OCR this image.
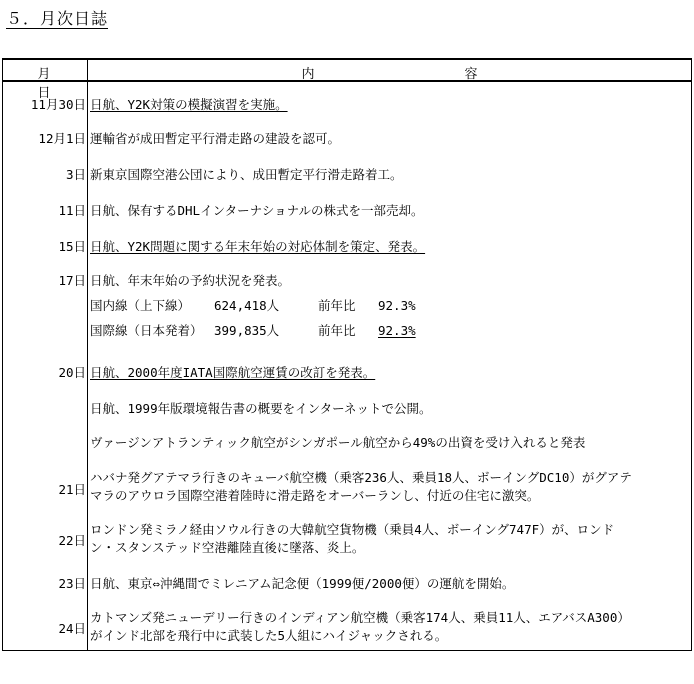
５．月次日誌
月日
内容
11月30日 日航、Y2K対策の模擬演習を実施。
12月1日 運輸省が成田暫定平行滑走路の建設を認可。
3日 新東京国際空港公団により、成田暫定平行滑走路着工。
11日 日航、保有するDHLインターナショナルの株式を一部売却。
15日 日航、Y2K問題に関する年末年始の対応体制を策定、発表。
17日 日航、年末年始の予約状況を発表。
国内線（上下線） 624,418人	前年比 92.3%
国際線（日本発着） 399,835人	前年比 92.3%
20日 日航、2000年度IATA国際航空運賃の改訂を発表。
日航、1999年版環境報告書の概要をインターネットで公開。
ヴァージンアトランティック航空がシンガポール航空から49%の出資を受け入れると発表
21日
ハバナ発グアテマラ行きのキューバ航空機（乗客236人、乗員18人、ボーイングDC10）がグアテ
マラのアウロラ国際空港着陸時に滑走路をオーバーランし、付近の住宅に激突。
22日
ロンドン発ミラノ経由ソウル行きの大韓航空貨物機（乗員4人、ボーイング747F）が、ロンド
ン・スタンステッド空港離陸直後に墜落、炎上。
23日 日航、東京⇔沖縄間でミレニアム記念便（1999便/2000便）の運航を開始。
24日
カトマンズ発ニューデリー行きのインディアン航空機（乗客174人、乗員11人、エアバスA300）
がインド北部を飛行中に武装した5人組にハイジャックされる。
